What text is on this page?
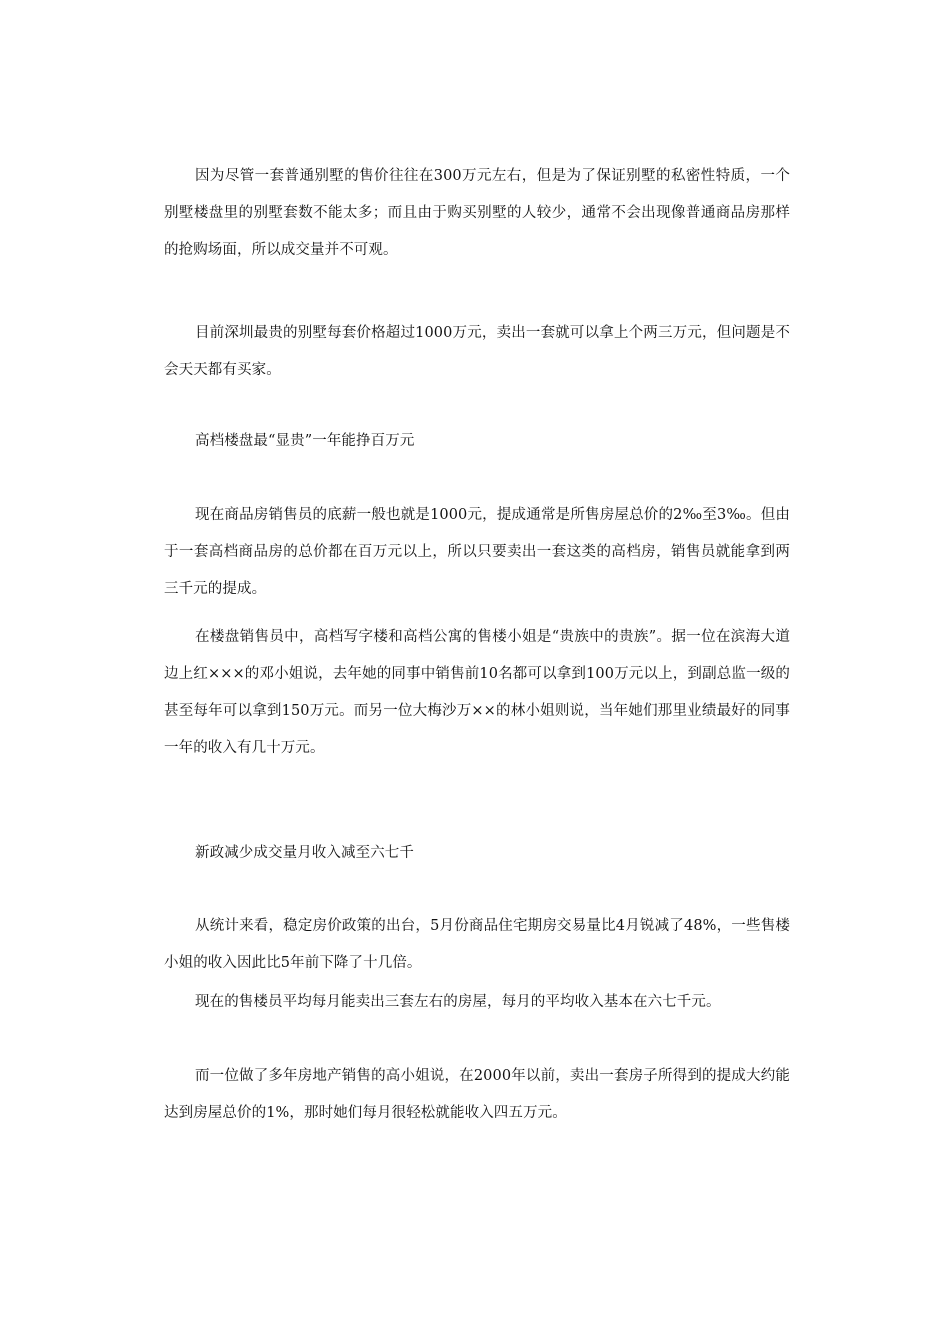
因为尽管一套普通别墅的售价往往在300万元左右，但是为了保证别墅的私密性特质，一个别墅楼盘里的别墅套数不能太多；而且由于购买别墅的人较少，通常不会出现像普通商品房那样的抢购场面，所以成交量并不可观。

目前深圳最贵的别墅每套价格超过1000万元，卖出一套就可以拿上个两三万元，但问题是不会天天都有买家。

高档楼盘最“显贵”一年能挣百万元

现在商品房销售员的底薪一般也就是1000元，提成通常是所售房屋总价的2‰至3‰。但由于一套高档商品房的总价都在百万元以上，所以只要卖出一套这类的高档房，销售员就能拿到两三千元的提成。

在楼盘销售员中，高档写字楼和高档公寓的售楼小姐是“贵族中的贵族”。据一位在滨海大道边上红×××的邓小姐说，去年她的同事中销售前10名都可以拿到100万元以上，到副总监一级的甚至每年可以拿到150万元。而另一位大梅沙万××的林小姐则说，当年她们那里业绩最好的同事一年的收入有几十万元。

新政减少成交量月收入减至六七千

从统计来看，稳定房价政策的出台，5月份商品住宅期房交易量比4月锐减了48%，一些售楼小姐的收入因此比5年前下降了十几倍。

现在的售楼员平均每月能卖出三套左右的房屋，每月的平均收入基本在六七千元。

而一位做了多年房地产销售的高小姐说，在2000年以前，卖出一套房子所得到的提成大约能达到房屋总价的1%，那时她们每月很轻松就能收入四五万元。
